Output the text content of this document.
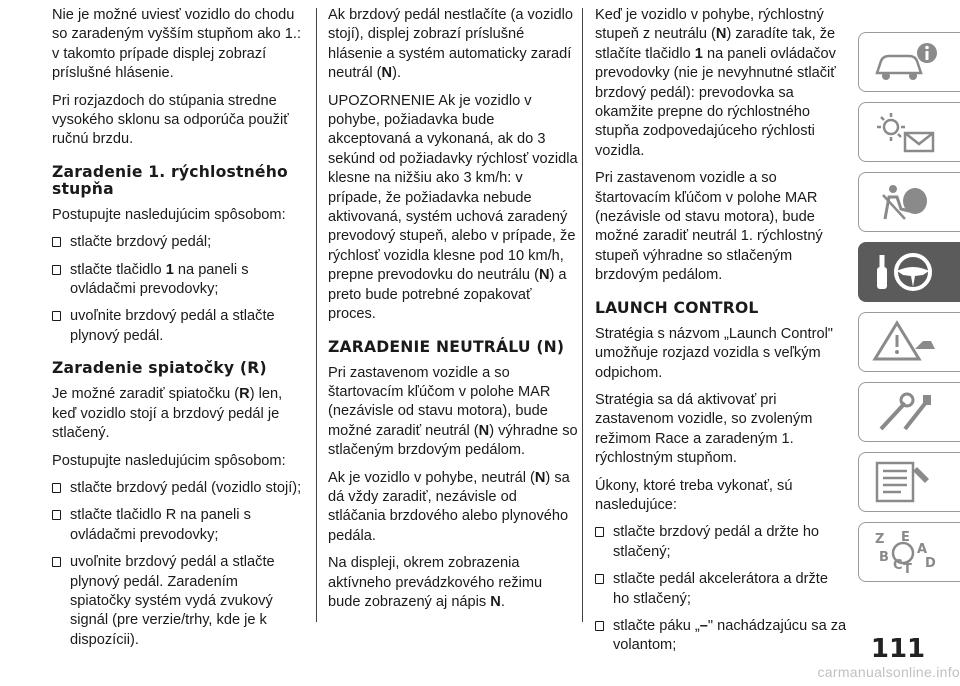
Nie je možné uviesť vozidlo do chodu so zaradeným vyšším stupňom ako 1.: v takomto prípade displej zobrazí príslušné hlásenie.

Pri rozjazdoch do stúpania stredne vysokého sklonu sa odporúča použiť ručnú brzdu.

Zaradenie 1. rýchlostného stupňa

Postupujte nasledujúcim spôsobom:

stlačte brzdový pedál;
stlačte tlačidlo 1 na paneli s ovládačmi prevodovky;
uvoľnite brzdový pedál a stlačte plynový pedál.
Zaradenie spiatočky (R)

Je možné zaradiť spiatočku (R) len, keď vozidlo stojí a brzdový pedál je stlačený.

Postupujte nasledujúcim spôsobom:

stlačte brzdový pedál (vozidlo stojí);
stlačte tlačidlo R na paneli s ovládačmi prevodovky;
uvoľnite brzdový pedál a stlačte plynový pedál. Zaradením spiatočky systém vydá zvukový signál (pre verzie/trhy, kde je k dispozícii).

Ak brzdový pedál nestlačíte (a vozidlo stojí), displej zobrazí príslušné hlásenie a systém automaticky zaradí neutrál (N).

UPOZORNENIE Ak je vozidlo v pohybe, požiadavka bude akceptovaná a vykonaná, ak do 3 sekúnd od požiadavky rýchlosť vozidla klesne na nižšiu ako 3 km/h: v prípade, že požiadavka nebude aktivovaná, systém uchová zaradený prevodový stupeň, alebo v prípade, že rýchlosť vozidla klesne pod 10 km/h, prepne prevodovku do neutrálu (N) a preto bude potrebné zopakovať proces.

ZARADENIE NEUTRÁLU (N)

Pri zastavenom vozidle a so štartovacím kľúčom v polohe MAR (nezávisle od stavu motora), bude možné zaradiť neutrál (N) výhradne so stlačeným brzdovým pedálom.

Ak je vozidlo v pohybe, neutrál (N) sa dá vždy zaradiť, nezávisle od stláčania brzdového alebo plynového pedála.

Na displeji, okrem zobrazenia aktívneho prevádzkového režimu bude zobrazený aj nápis N.

Keď je vozidlo v pohybe, rýchlostný stupeň z neutrálu (N) zaradíte tak, že stlačíte tlačidlo 1 na paneli ovládačov prevodovky (nie je nevyhnutné stlačiť brzdový pedál): prevodovka sa okamžite prepne do rýchlostného stupňa zodpovedajúceho rýchlosti vozidla.

Pri zastavenom vozidle a so štartovacím kľúčom v polohe MAR (nezávisle od stavu motora), bude možné zaradiť neutrál 1. rýchlostný stupeň výhradne so stlačeným brzdovým pedálom.

LAUNCH CONTROL

Stratégia s názvom „Launch Control" umožňuje rozjazd vozidla s veľkým odpichom.

Stratégia sa dá aktivovať pri zastavenom vozidle, so zvoleným režimom Race a zaradeným 1. rýchlostným stupňom.

Úkony, ktoré treba vykonať, sú nasledujúce:

stlačte brzdový pedál a držte ho stlačený;
stlačte pedál akcelerátora a držte ho stlačený;
stlačte páku „–" nachádzajúcu sa za volantom;
Z E
A
B
C T D
111
carmanualsonline.info
